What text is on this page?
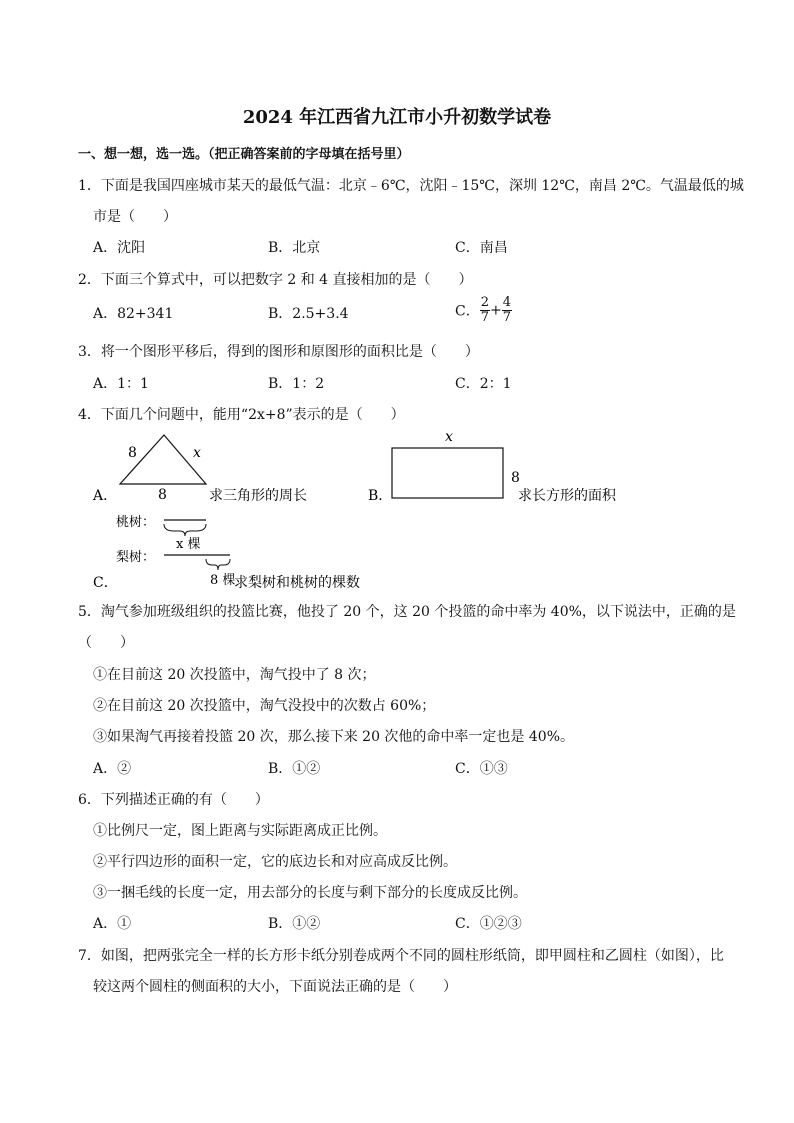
2024 年江西省九江市小升初数学试卷
一、想一想，选一选。（把正确答案前的字母填在括号里）
1．下面是我国四座城市某天的最低气温：北京﹣6℃，沈阳﹣15℃，深圳 12℃，南昌 2℃。气温最低的城
市是（　　）
A．沈阳	B．北京	C．南昌
2．下面三个算式中，可以把数字 2 和 4 直接相加的是（　　）
A．82+341	B．2.5+3.4	C． $\frac{2}{7} + \frac{4}{7}$
3．将一个图形平移后，得到的图形和原图形的面积比是（　　）
A．1：1	B．1：2	C．2：1
4．下面几个问题中，能用“2x+8”表示的是（　　）
8	x
8
A．	求三角形的周长
x
8
B．	求长方形的面积
桃树：
x 棵
梨树：
8 棵
C．	求梨树和桃树的棵数
5．淘气参加班级组织的投篮比赛，他投了 20 个，这 20 个投篮的命中率为 40%，以下说法中，正确的是
（　　）
①在目前这 20 次投篮中，淘气投中了 8 次；
②在目前这 20 次投篮中，淘气没投中的次数占 60%；
③如果淘气再接着投篮 20 次，那么接下来 20 次他的命中率一定也是 40%。
A．②	B．①②	C．①③
6．下列描述正确的有（　　）
①比例尺一定，图上距离与实际距离成正比例。
②平行四边形的面积一定，它的底边长和对应高成反比例。
③一捆毛线的长度一定，用去部分的长度与剩下部分的长度成反比例。
A．①	B．①②	C．①②③
7．如图，把两张完全一样的长方形卡纸分别卷成两个不同的圆柱形纸筒，即甲圆柱和乙圆柱（如图），比
较这两个圆柱的侧面积的大小，下面说法正确的是（　　）
